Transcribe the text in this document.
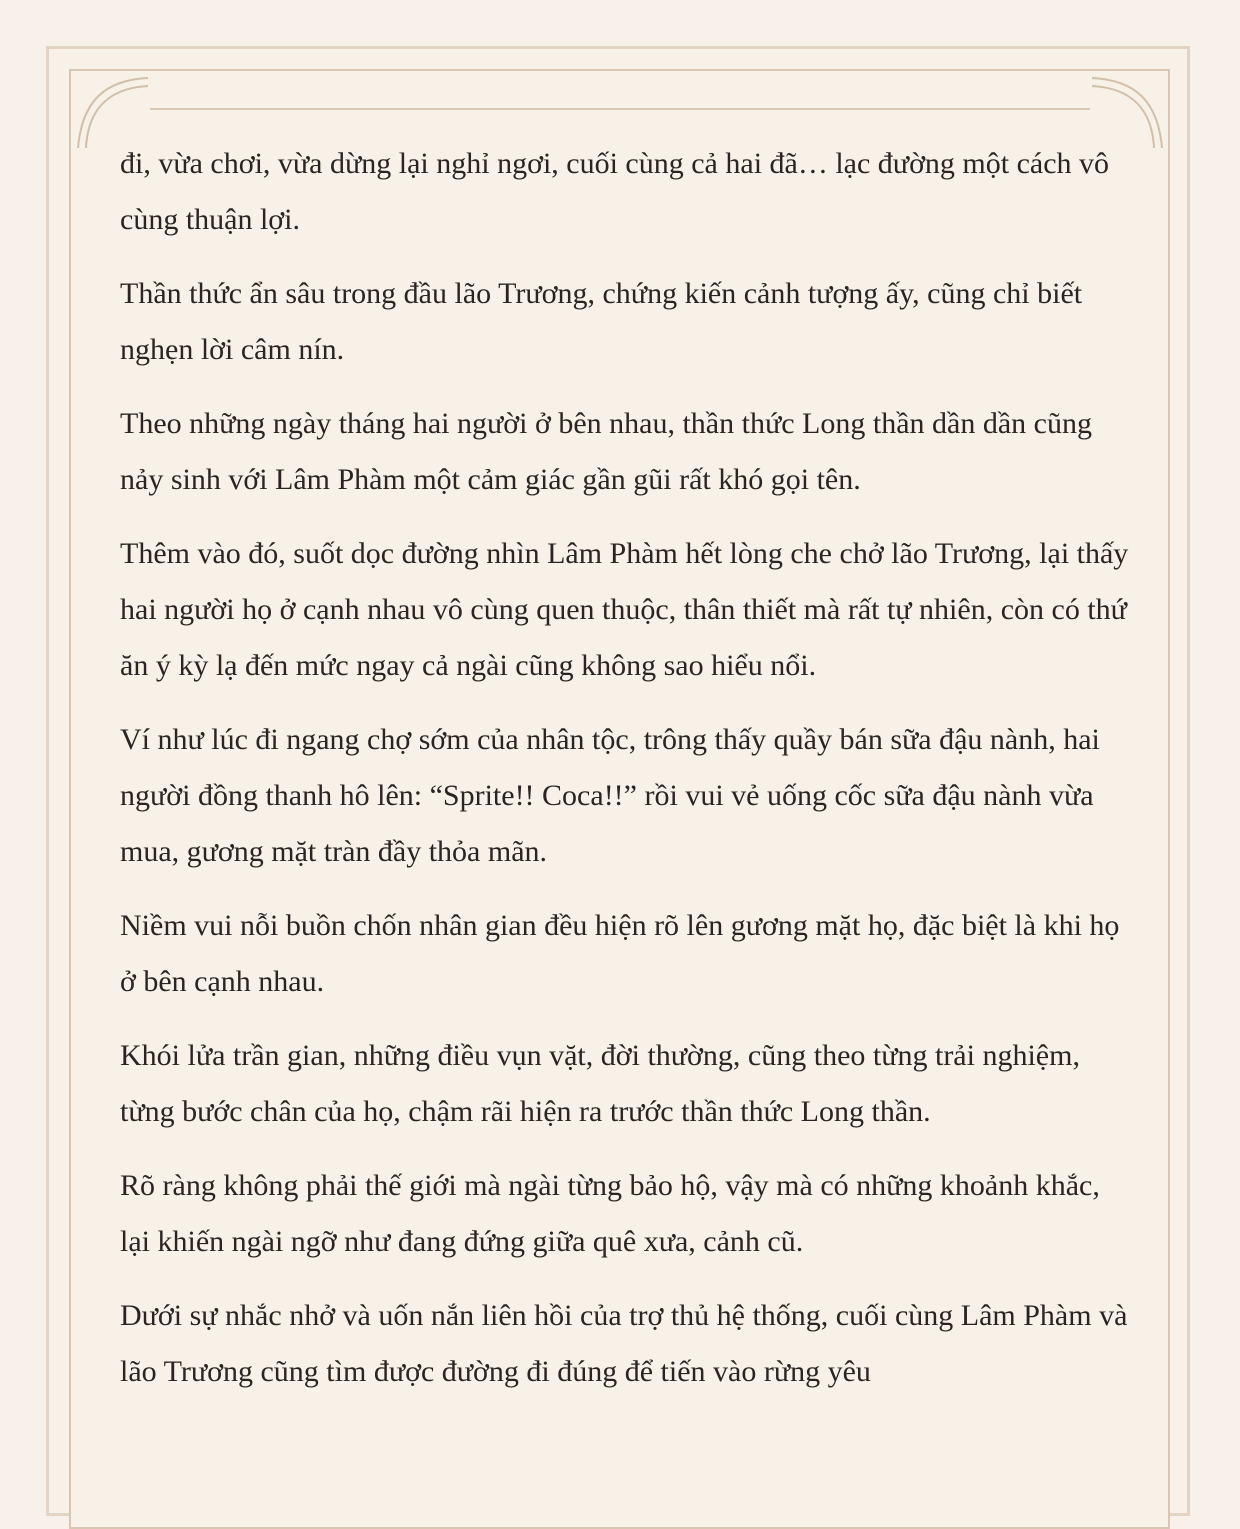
đi, vừa chơi, vừa dừng lại nghỉ ngơi, cuối cùng cả hai đã… lạc đường một cách vô cùng thuận lợi.

Thần thức ẩn sâu trong đầu lão Trương, chứng kiến cảnh tượng ấy, cũng chỉ biết nghẹn lời câm nín.

Theo những ngày tháng hai người ở bên nhau, thần thức Long thần dần dần cũng nảy sinh với Lâm Phàm một cảm giác gần gũi rất khó gọi tên.

Thêm vào đó, suốt dọc đường nhìn Lâm Phàm hết lòng che chở lão Trương, lại thấy hai người họ ở cạnh nhau vô cùng quen thuộc, thân thiết mà rất tự nhiên, còn có thứ ăn ý kỳ lạ đến mức ngay cả ngài cũng không sao hiểu nổi.

Ví như lúc đi ngang chợ sớm của nhân tộc, trông thấy quầy bán sữa đậu nành, hai người đồng thanh hô lên: “Sprite!! Coca!!” rồi vui vẻ uống cốc sữa đậu nành vừa mua, gương mặt tràn đầy thỏa mãn.

Niềm vui nỗi buồn chốn nhân gian đều hiện rõ lên gương mặt họ, đặc biệt là khi họ ở bên cạnh nhau.

Khói lửa trần gian, những điều vụn vặt, đời thường, cũng theo từng trải nghiệm, từng bước chân của họ, chậm rãi hiện ra trước thần thức Long thần.

Rõ ràng không phải thế giới mà ngài từng bảo hộ, vậy mà có những khoảnh khắc, lại khiến ngài ngỡ như đang đứng giữa quê xưa, cảnh cũ.

Dưới sự nhắc nhở và uốn nắn liên hồi của trợ thủ hệ thống, cuối cùng Lâm Phàm và lão Trương cũng tìm được đường đi đúng để tiến vào rừng yêu
